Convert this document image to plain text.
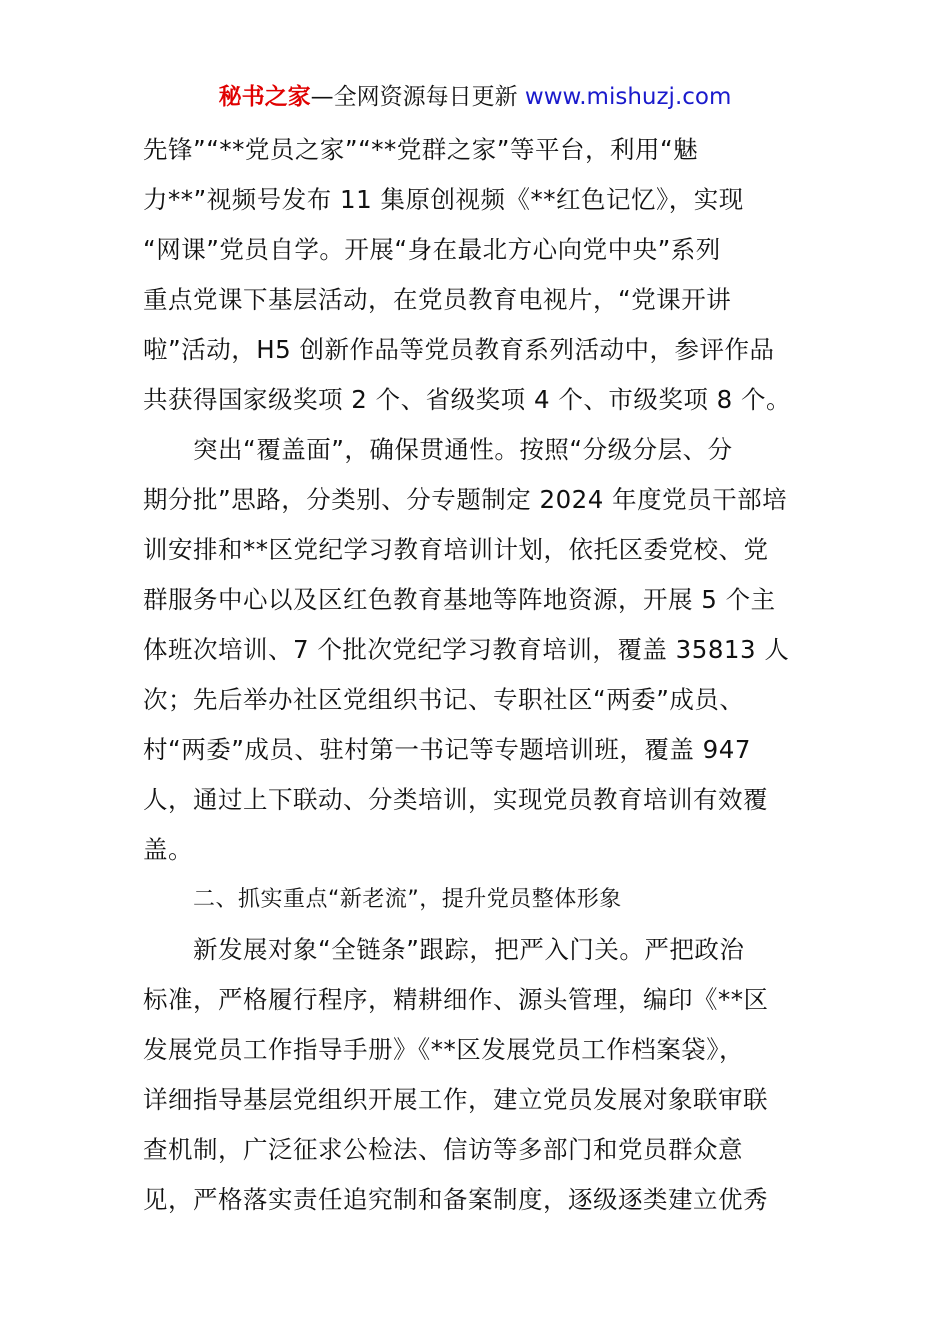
秘书之家—全网资源每日更新 www.mishuzj.com
先锋”“**党员之家”“**党群之家”等平台，利用“魅
力**”视频号发布 11 集原创视频《**红色记忆》，实现
“网课”党员自学。开展“身在最北方心向党中央”系列
重点党课下基层活动，在党员教育电视片，“党课开讲
啦”活动，H5 创新作品等党员教育系列活动中，参评作品
共获得国家级奖项 2 个、省级奖项 4 个、市级奖项 8 个。
突出“覆盖面”，确保贯通性。按照“分级分层、分
期分批”思路，分类别、分专题制定 2024 年度党员干部培
训安排和**区党纪学习教育培训计划，依托区委党校、党
群服务中心以及区红色教育基地等阵地资源，开展 5 个主
体班次培训、7 个批次党纪学习教育培训，覆盖 35813 人
次；先后举办社区党组织书记、专职社区“两委”成员、
村“两委”成员、驻村第一书记等专题培训班，覆盖 947
人，通过上下联动、分类培训，实现党员教育培训有效覆
盖。
二、抓实重点“新老流”，提升党员整体形象
新发展对象“全链条”跟踪，把严入门关。严把政治
标准，严格履行程序，精耕细作、源头管理，编印《**区
发展党员工作指导手册》《**区发展党员工作档案袋》，
详细指导基层党组织开展工作，建立党员发展对象联审联
查机制，广泛征求公检法、信访等多部门和党员群众意
见，严格落实责任追究制和备案制度，逐级逐类建立优秀
